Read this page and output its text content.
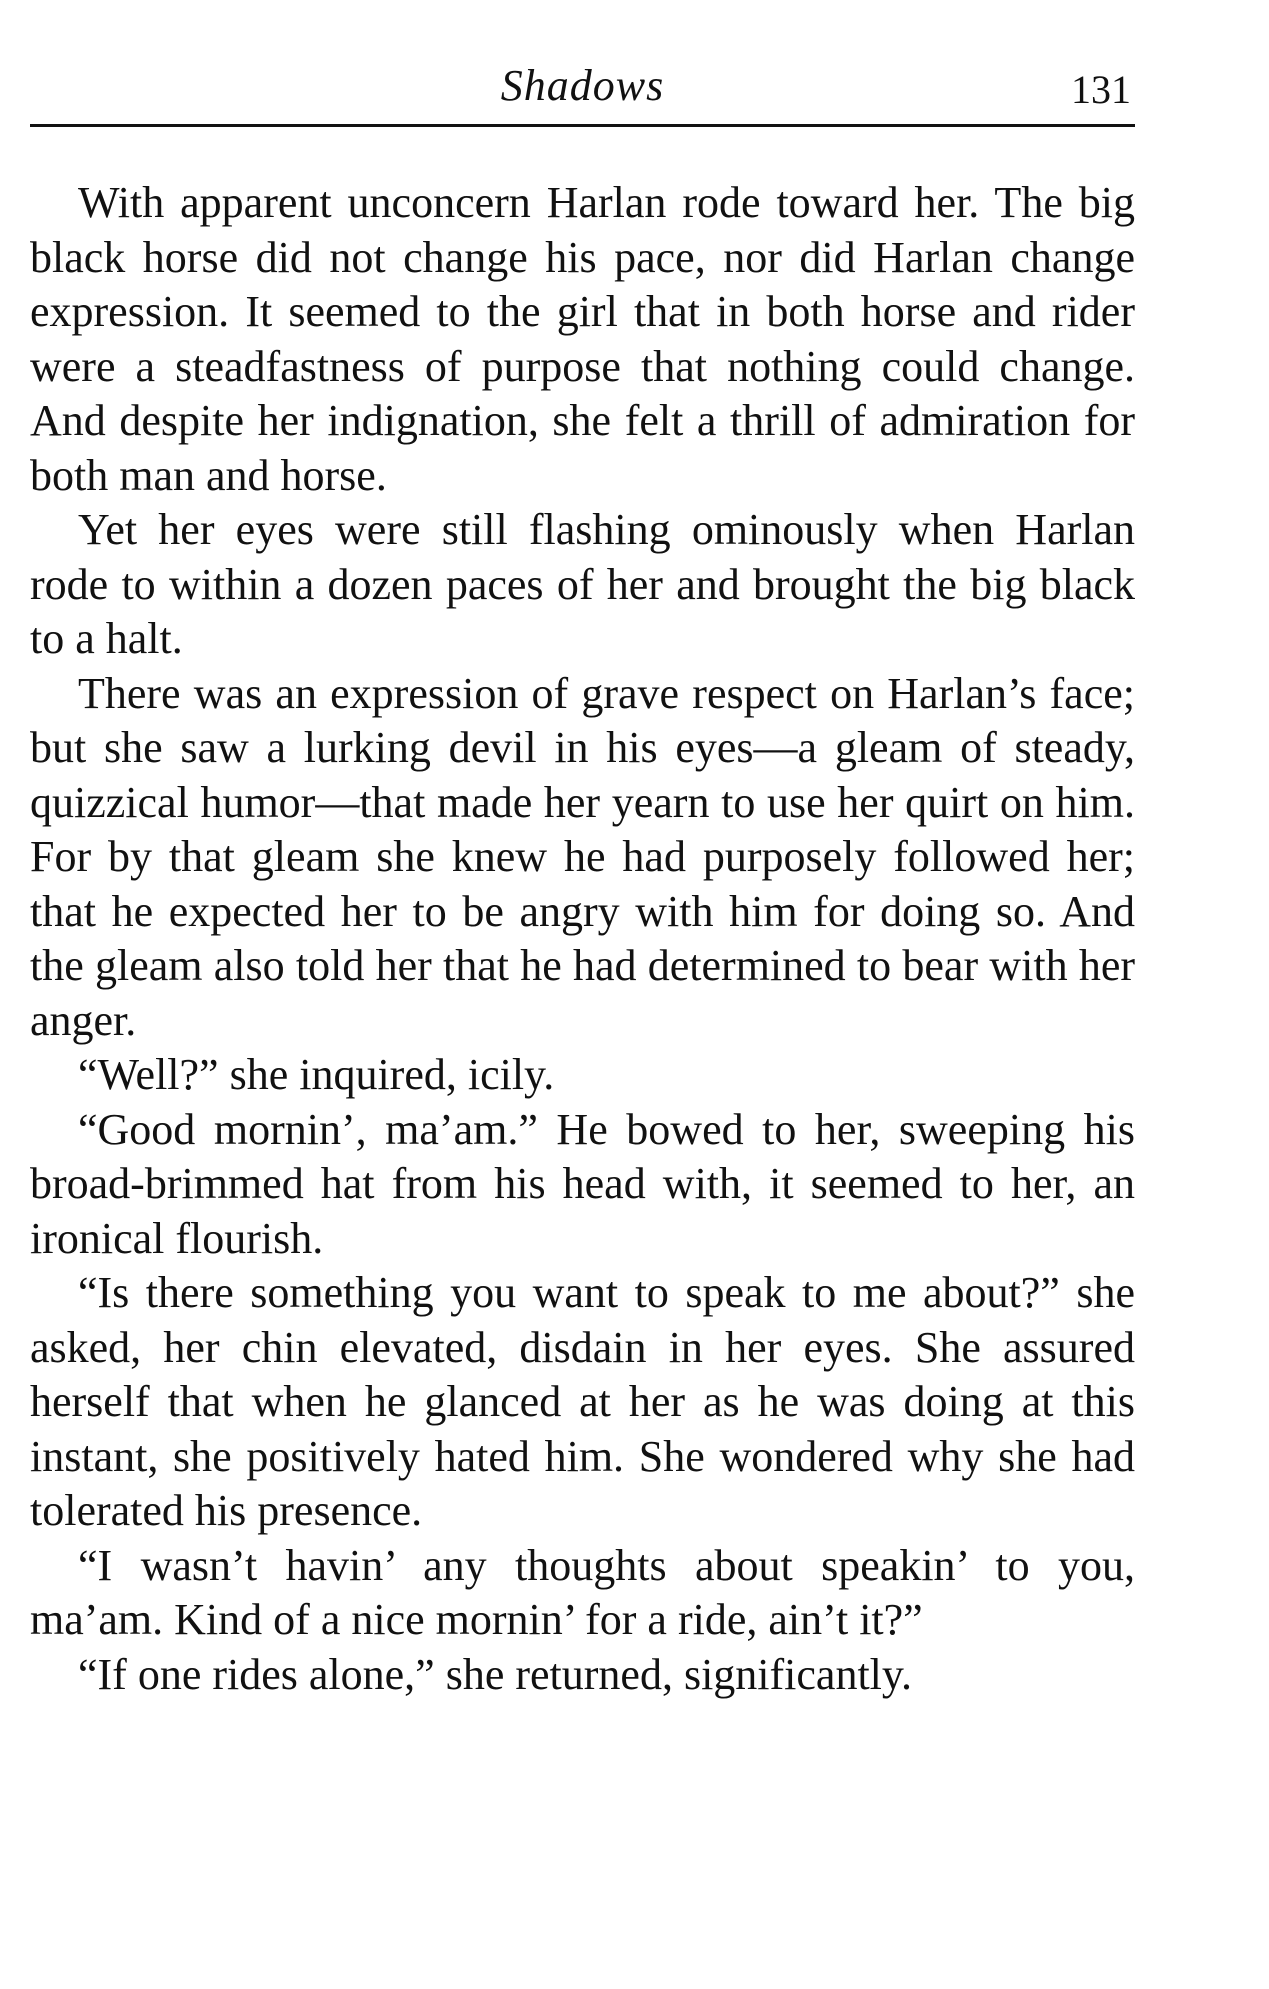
Shadows	131

With apparent unconcern Harlan rode toward her. The big black horse did not change his pace, nor did Harlan change expression. It seemed to the girl that in both horse and rider were a steadfastness of purpose that nothing could change. And despite her indignation, she felt a thrill of admiration for both man and horse.

Yet her eyes were still flashing ominously when Harlan rode to within a dozen paces of her and brought the big black to a halt.

There was an expression of grave respect on Harlan’s face; but she saw a lurking devil in his eyes—a gleam of steady, quizzical humor—that made her yearn to use her quirt on him. For by that gleam she knew he had purposely followed her; that he expected her to be angry with him for doing so. And the gleam also told her that he had determined to bear with her anger.

“Well?” she inquired, icily.

“Good mornin’, ma’am.” He bowed to her, sweeping his broad-brimmed hat from his head with, it seemed to her, an ironical flourish.

“Is there something you want to speak to me about?” she asked, her chin elevated, disdain in her eyes. She assured herself that when he glanced at her as he was doing at this instant, she positively hated him. She wondered why she had tolerated his presence.

“I wasn’t havin’ any thoughts about speakin’ to you, ma’am. Kind of a nice mornin’ for a ride, ain’t it?”

“If one rides alone,” she returned, significantly.
